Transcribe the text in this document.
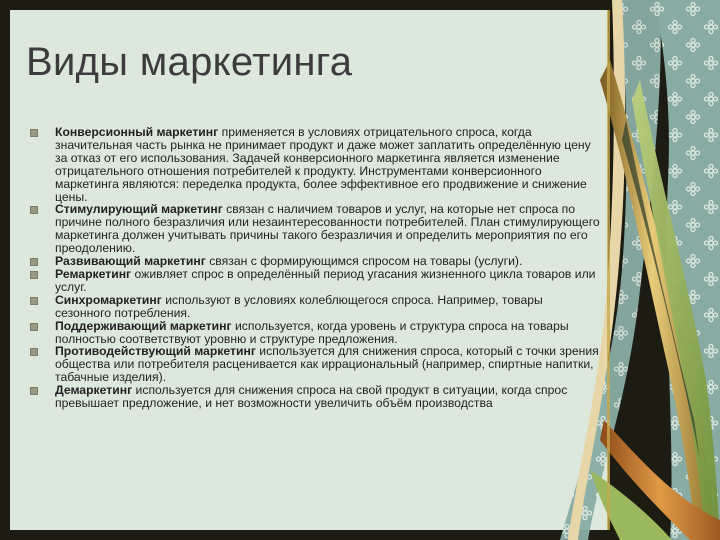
Виды маркетинга
Конверсионный маркетинг применяется в условиях отрицательного спроса, когда значительная часть рынка не принимает продукт и даже может заплатить определённую цену за отказ от его использования. Задачей конверсионного маркетинга является изменение отрицательного отношения потребителей к продукту. Инструментами конверсионного маркетинга являются: переделка продукта, более эффективное его продвижение и снижение цены.
Стимулирующий маркетинг связан с наличием товаров и услуг, на которые нет спроса по причине полного безразличия или незаинтересованности потребителей. План стимулирующего маркетинга должен учитывать причины такого безразличия и определить мероприятия по его преодолению.
Развивающий маркетинг связан с формирующимся спросом на товары (услуги).
Ремаркетинг оживляет спрос в определённый период угасания жизненного цикла товаров или услуг.
Синхромаркетинг используют в условиях колеблющегося спроса. Например, товары сезонного потребления.
Поддерживающий маркетинг используется, когда уровень и структура спроса на товары полностью соответствуют уровню и структуре предложения.
Противодействующий маркетинг используется для снижения спроса, который с точки зрения общества или потребителя расценивается как иррациональный (например, спиртные напитки, табачные изделия).
Демаркетинг используется для снижения спроса на свой продукт в ситуации, когда спрос превышает предложение, и нет возможности увеличить объём производства
